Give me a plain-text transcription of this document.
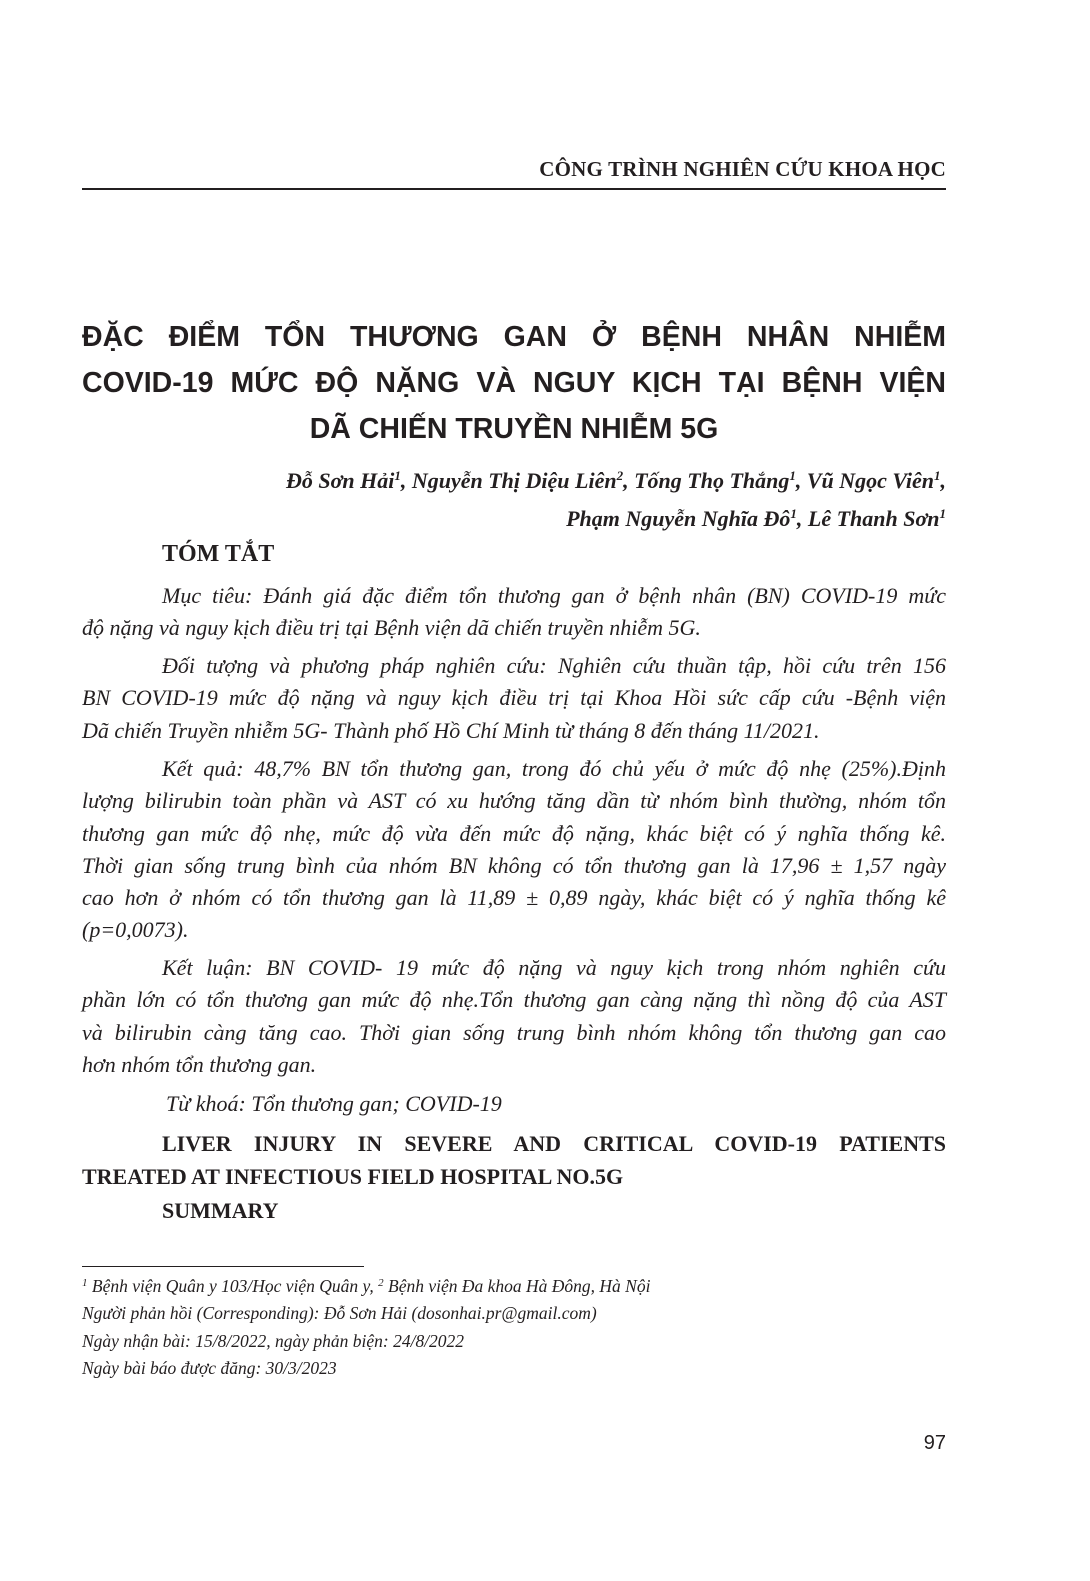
CÔNG TRÌNH NGHIÊN CỨU KHOA HỌC
ĐẶC ĐIỂM TỔN THƯƠNG GAN Ở BỆNH NHÂN NHIỄM
COVID-19 MỨC ĐỘ NẶNG VÀ NGUY KỊCH TẠI BỆNH VIỆN
DÃ CHIẾN TRUYỀN NHIỄM 5G
Đỗ Sơn Hải$^1$, Nguyễn Thị Diệu Liên$^2$, Tống Thọ Thắng$^1$, Vũ Ngọc Viên$^1$,
Phạm Nguyễn Nghĩa $Đô^1$, Lê Thanh Sơn$^1$
TÓM TẮT
Mục tiêu: Đánh giá đặc điểm tổn thương gan ở bệnh nhân (BN) COVID-19 mức
độ nặng và nguy kịch điều trị tại Bệnh viện dã chiến truyền nhiễm 5G.
Đối tượng và phương pháp nghiên cứu: Nghiên cứu thuần tập, hồi cứu trên 156
BN COVID-19 mức độ nặng và nguy kịch điều trị tại Khoa Hồi sức cấp cứu -Bệnh viện
Dã chiến Truyền nhiễm 5G- Thành phố Hồ Chí Minh từ tháng 8 đến tháng 11/2021.
Kết quả: 48,7% BN tổn thương gan, trong đó chủ yếu ở mức độ nhẹ (25%).Định
lượng bilirubin toàn phần và AST có xu hướng tăng dần từ nhóm bình thường, nhóm tổn
thương gan mức độ nhẹ, mức độ vừa đến mức độ nặng, khác biệt có ý nghĩa thống kê.
Thời gian sống trung bình của nhóm BN không có tổn thương gan là 17,96 ± 1,57 ngày
cao hơn ở nhóm có tổn thương gan là 11,89 ± 0,89 ngày, khác biệt có ý nghĩa thống kê
(p=0,0073).
Kết luận: BN COVID- 19 mức độ nặng và nguy kịch trong nhóm nghiên cứu
phần lớn có tổn thương gan mức độ nhẹ.Tổn thương gan càng nặng thì nồng độ của AST
và bilirubin càng tăng cao. Thời gian sống trung bình nhóm không tổn thương gan cao
hơn nhóm tổn thương gan.
Từ khoá: Tổn thương gan; COVID-19
LIVER INJURY IN SEVERE AND CRITICAL COVID-19 PATIENTS
TREATED AT INFECTIOUS FIELD HOSPITAL NO.5G
SUMMARY
$^1$ Bệnh viện Quân y 103/Học viện Quân y, $^2$ Bệnh viện Đa khoa Hà Đông, Hà Nội
Người phản hồi (Corresponding): Đỗ Sơn Hải (dosonhai.pr@gmail.com)
Ngày nhận bài: 15/8/2022, ngày phản biện: 24/8/2022
Ngày bài báo được đăng: 30/3/2023
97
